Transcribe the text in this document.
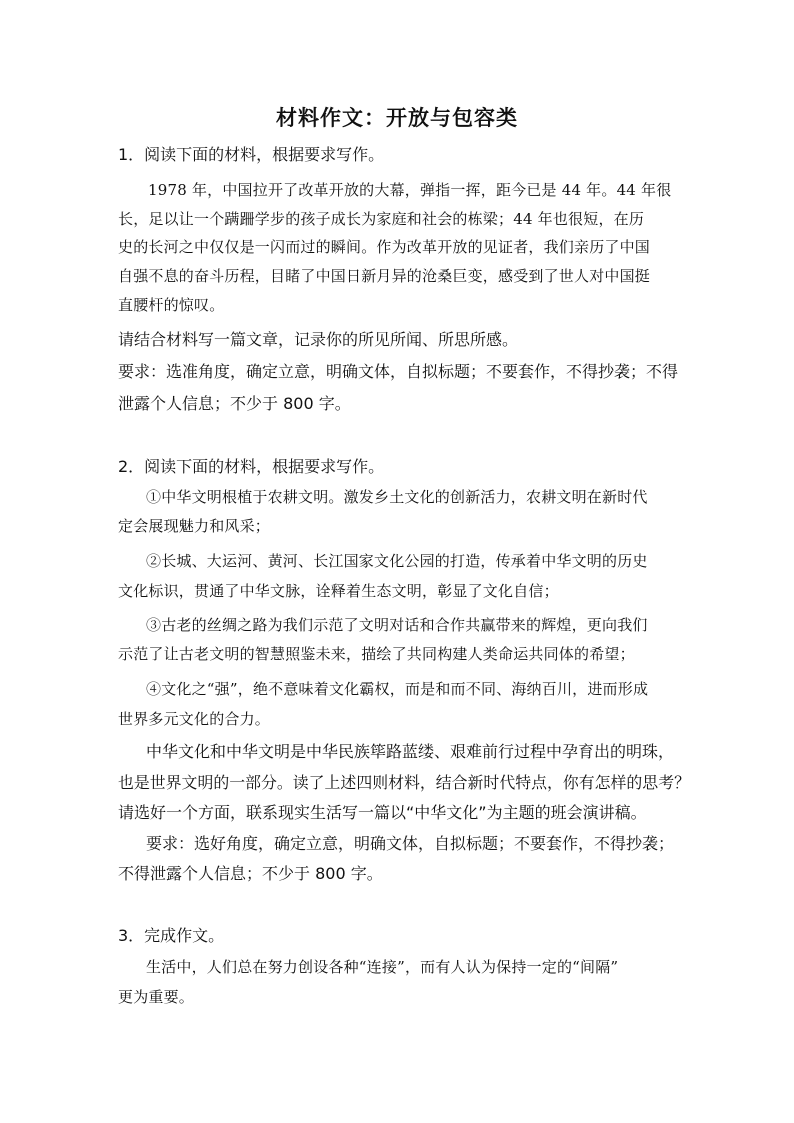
材料作文：开放与包容类
1．阅读下面的材料，根据要求写作。
1978 年，中国拉开了改革开放的大幕，弹指一挥，距今已是 44 年。44 年很
长，足以让一个蹒跚学步的孩子成长为家庭和社会的栋梁；44 年也很短，在历
史的长河之中仅仅是一闪而过的瞬间。作为改革开放的见证者，我们亲历了中国
自强不息的奋斗历程，目睹了中国日新月异的沧桑巨变，感受到了世人对中国挺
直腰杆的惊叹。
请结合材料写一篇文章，记录你的所见所闻、所思所感。
要求：选准角度，确定立意，明确文体，自拟标题；不要套作，不得抄袭；不得
泄露个人信息；不少于 800 字。
2．阅读下面的材料，根据要求写作。
①中华文明根植于农耕文明。激发乡土文化的创新活力，农耕文明在新时代
定会展现魅力和风采；
②长城、大运河、黄河、长江国家文化公园的打造，传承着中华文明的历史
文化标识，贯通了中华文脉，诠释着生态文明，彰显了文化自信；
③古老的丝绸之路为我们示范了文明对话和合作共赢带来的辉煌，更向我们
示范了让古老文明的智慧照鉴未来，描绘了共同构建人类命运共同体的希望；
④文化之“强”，绝不意味着文化霸权，而是和而不同、海纳百川，进而形成
世界多元文化的合力。
中华文化和中华文明是中华民族筚路蓝缕、艰难前行过程中孕育出的明珠，
也是世界文明的一部分。读了上述四则材料，结合新时代特点，你有怎样的思考？
请选好一个方面，联系现实生活写一篇以“中华文化”为主题的班会演讲稿。
要求：选好角度，确定立意，明确文体，自拟标题；不要套作，不得抄袭；
不得泄露个人信息；不少于 800 字。
3．完成作文。
生活中，人们总在努力创设各种“连接”，而有人认为保持一定的“间隔”
更为重要。
